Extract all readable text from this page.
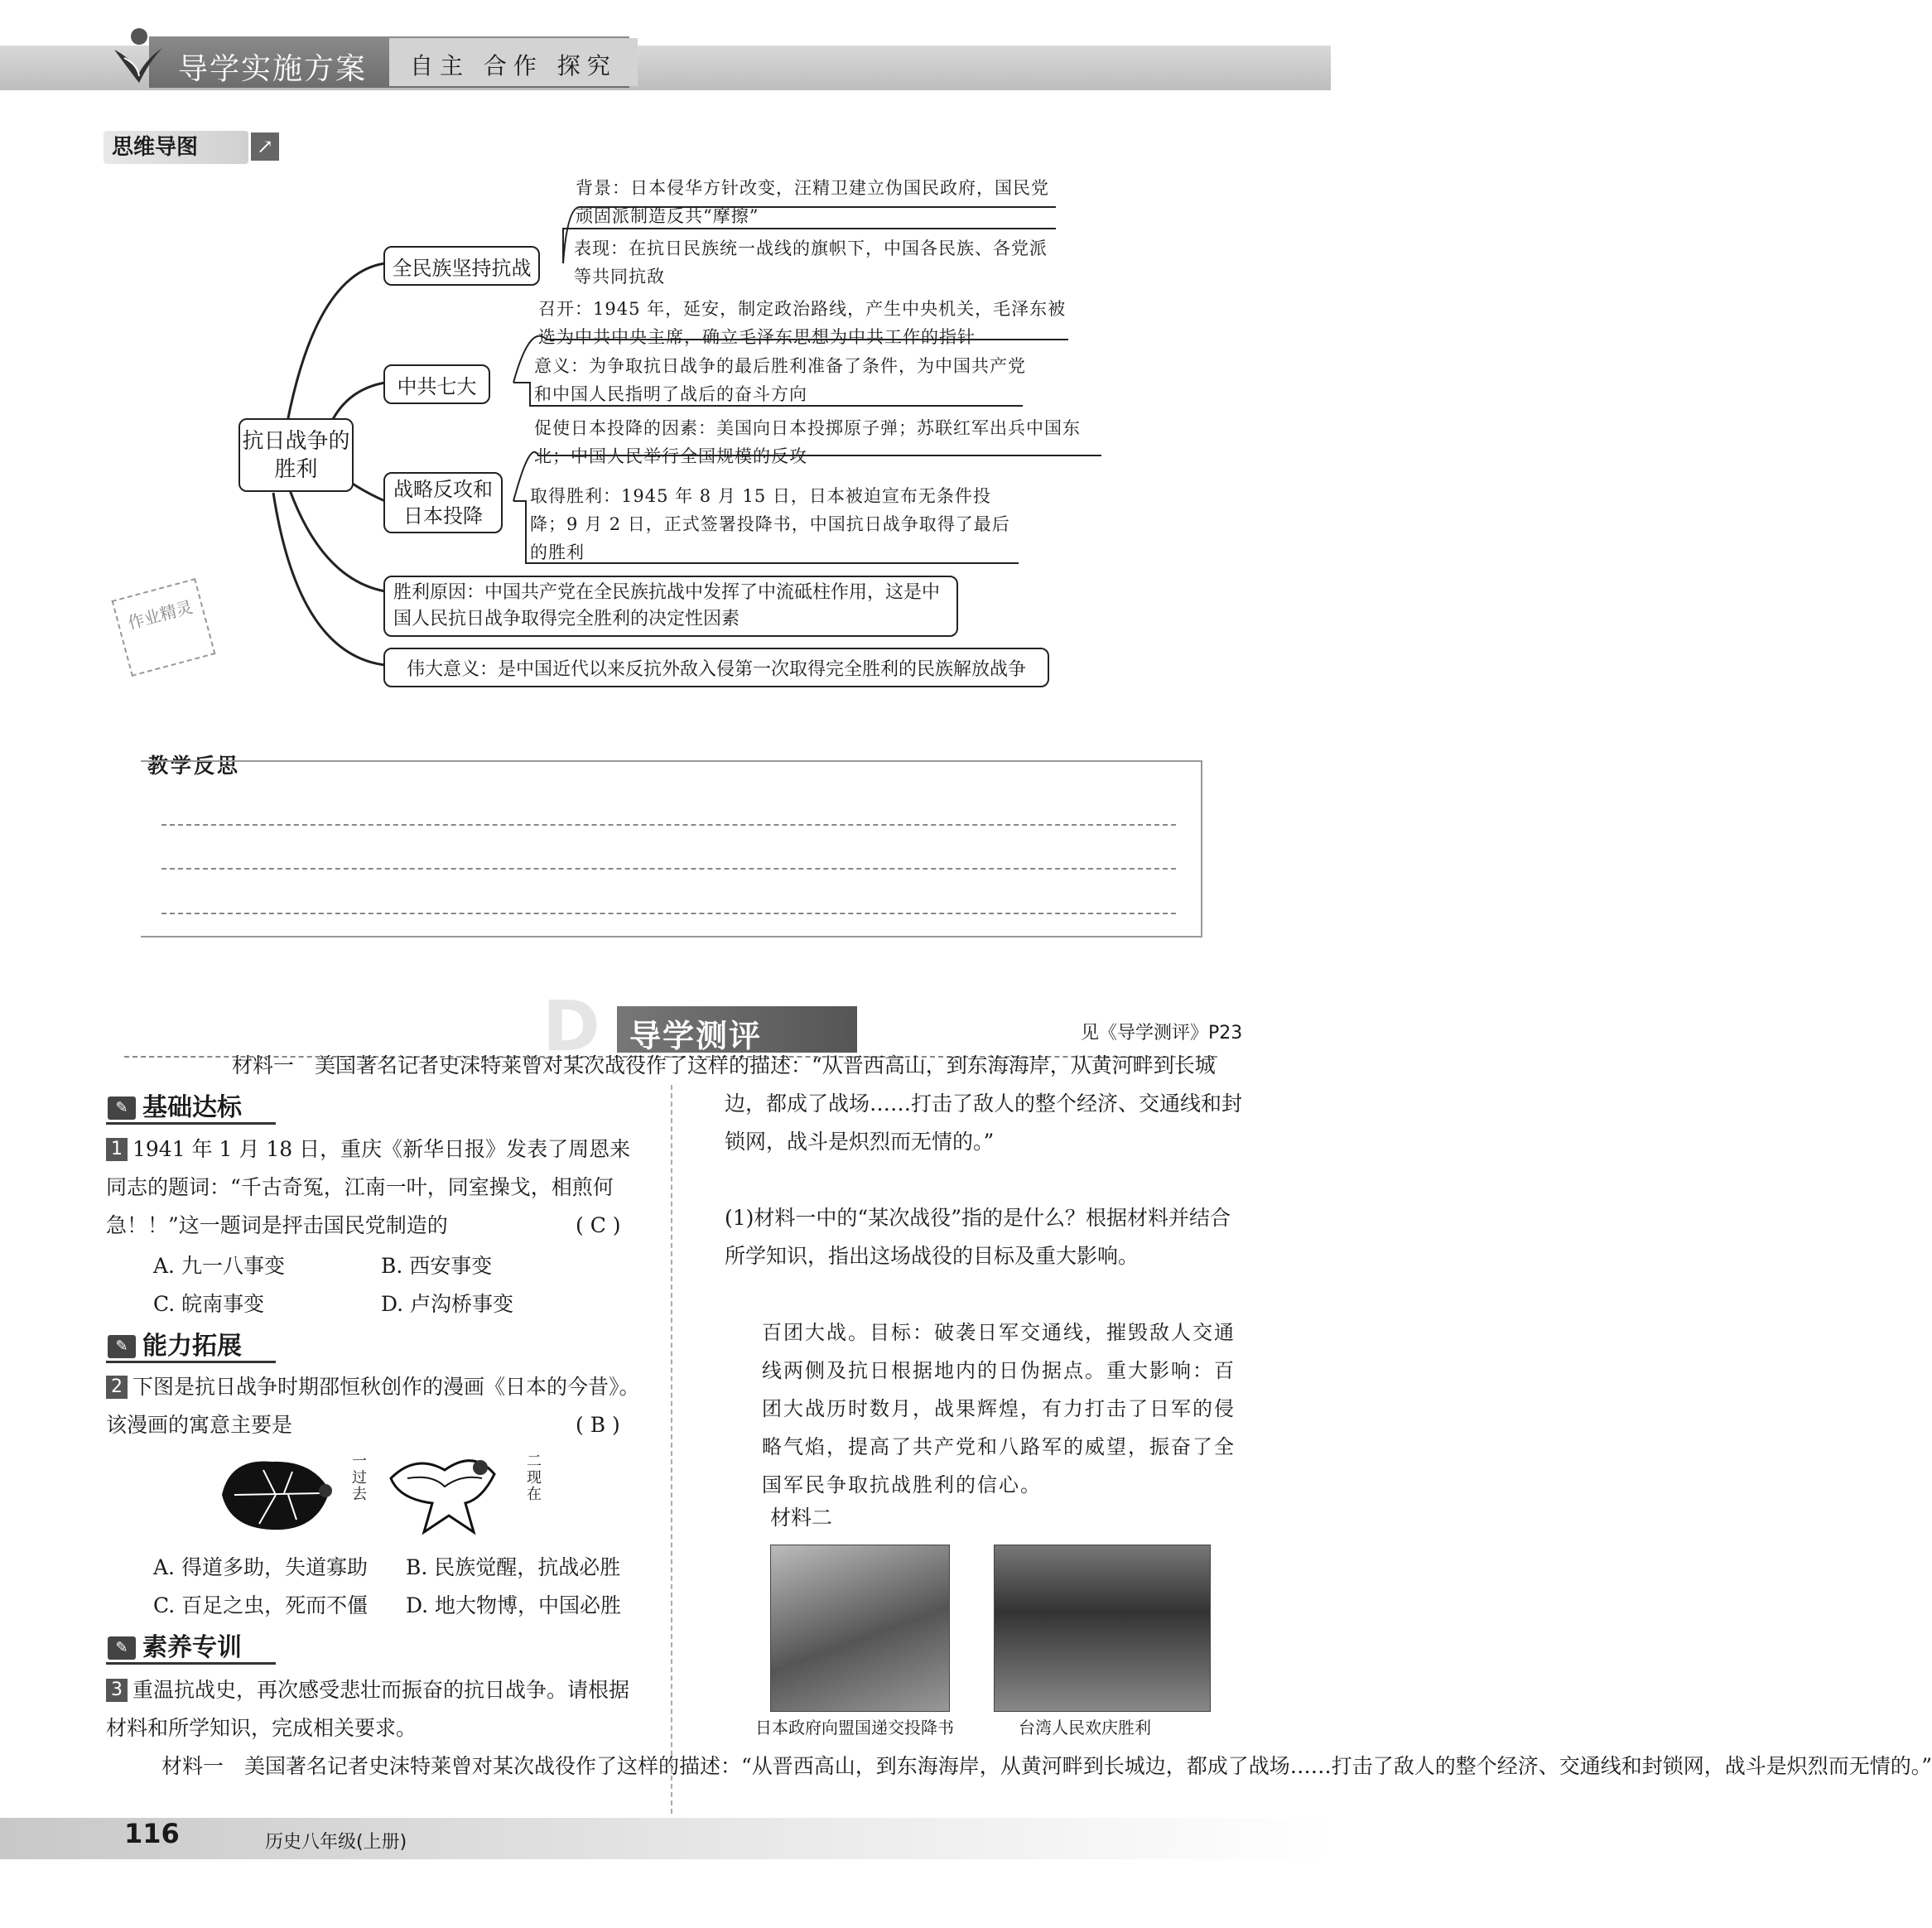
导学实施方案 自主 合作 探究
思维导图	↗
抗日战争的胜利
全民族坚持抗战
背景：日本侵华方针改变，汪精卫建立伪国民政府，国民党顽固派制造反共“摩擦”
表现：在抗日民族统一战线的旗帜下，中国各民族、各党派等共同抗敌
中共七大
召开：1945 年，延安，制定政治路线，产生中央机关，毛泽东被选为中共中央主席，确立毛泽东思想为中共工作的指针
意义：为争取抗日战争的最后胜利准备了条件，为中国共产党和中国人民指明了战后的奋斗方向
战略反攻和日本投降
促使日本投降的因素：美国向日本投掷原子弹；苏联红军出兵中国东北；中国人民举行全国规模的反攻
取得胜利：1945 年 8 月 15 日，日本被迫宣布无条件投降；9 月 2 日，正式签署投降书，中国抗日战争取得了最后的胜利
胜利原因：中国共产党在全民族抗战中发挥了中流砥柱作用，这是中国人民抗日战争取得完全胜利的决定性因素
伟大意义：是中国近代以来反抗外敌入侵第一次取得完全胜利的民族解放战争
作业精灵
教学反思
D 导学测评	见《导学测评》P23
✎ 基础达标
1 1941 年 1 月 18 日，重庆《新华日报》发表了周恩来同志的题词：“千古奇冤，江南一叶，同室操戈，相煎何急！！”这一题词是抨击国民党制造的	( C )
A. 九一八事变	B. 西安事变
C. 皖南事变	D. 卢沟桥事变
✎ 能力拓展
2 下图是抗日战争时期邵恒秋创作的漫画《日本的今昔》。该漫画的寓意主要是	( B )
一过去
二现在
A. 得道多助，失道寡助 B. 民族觉醒，抗战必胜
C. 百足之虫，死而不僵 D. 地大物博，中国必胜
✎ 素养专训
3 重温抗战史，再次感受悲壮而振奋的抗日战争。请根据材料和所学知识，完成相关要求。
材料一　美国著名记者史沫特莱曾对某次战役作了这样的描述：“从晋西高山，到东海海岸，从黄河畔到长城边，都成了战场……打击了敌人的整个经济、交通线和封锁网，战斗是炽烈而无情的。”
材料一　美国著名记者史沫特莱曾对某次战役作了这样的描述：“从晋西高山，到东海海岸，从黄河畔到长城边，都成了战场……打击了敌人的整个经济、交通线和封锁网，战斗是炽烈而无情的。”
(1)材料一中的“某次战役”指的是什么？根据材料并结合所学知识，指出这场战役的目标及重大影响。
百团大战。目标：破袭日军交通线，摧毁敌人交通线两侧及抗日根据地内的日伪据点。重大影响：百团大战历时数月，战果辉煌，有力打击了日军的侵略气焰，提高了共产党和八路军的威望，振奋了全国军民争取抗战胜利的信心。
材料二
日本政府向盟国递交投降书	台湾人民欢庆胜利
116	历史八年级(上册)
